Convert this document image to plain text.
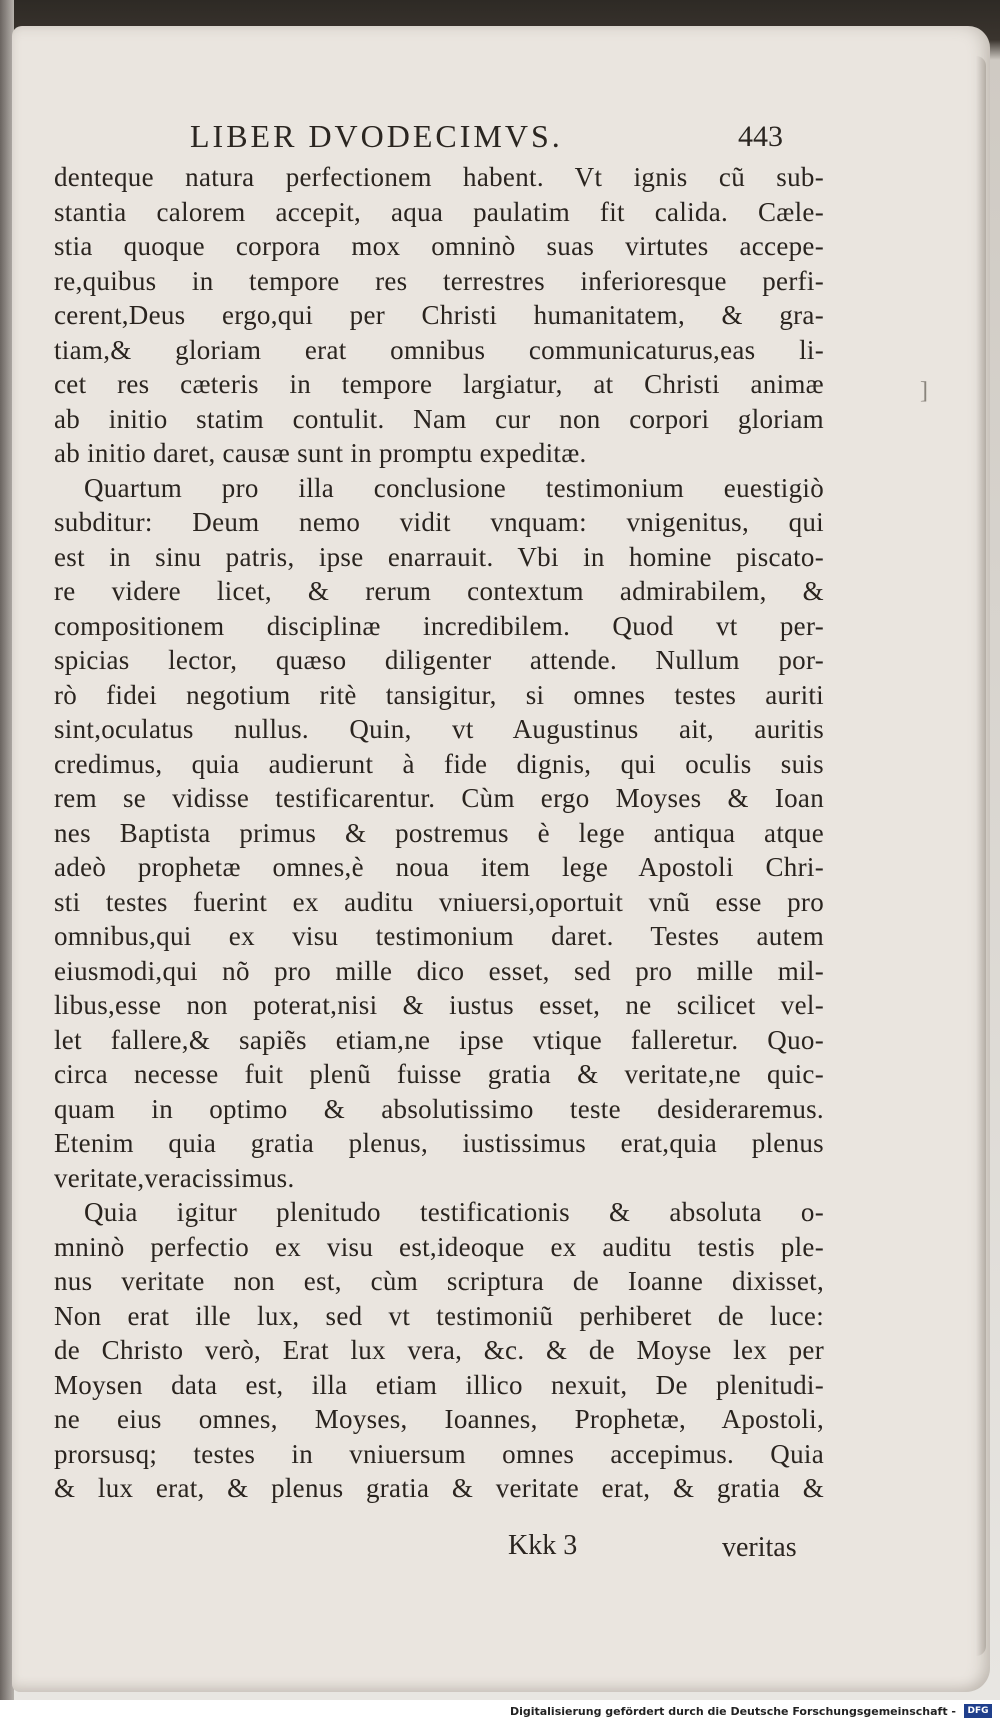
LIBER DVODECIMVS.	443
denteque natura perfectionem habent. Vt ignis cũ sub-
stantia calorem accepit, aqua paulatim fit calida. Cæle-
stia quoque corpora mox omninò suas virtutes accepe-
re,quibus in tempore res terrestres inferioresque perfi-
cerent,Deus ergo,qui per Christi humanitatem, & gra-
tiam,& gloriam erat omnibus communicaturus,eas li-
cet res cæteris in tempore largiatur, at Christi animæ
ab initio statim contulit. Nam cur non corpori gloriam
ab initio daret, causæ sunt in promptu expeditæ.
Quartum pro illa conclusione testimonium euestigiò
subditur: Deum nemo vidit vnquam: vnigenitus, qui
est in sinu patris, ipse enarrauit. Vbi in homine piscato-
re videre licet, & rerum contextum admirabilem, &
compositionem disciplinæ incredibilem. Quod vt per-
spicias lector, quæso diligenter attende. Nullum por-
rò fidei negotium ritè tansigitur, si omnes testes auriti
sint,oculatus nullus. Quin, vt Augustinus ait, auritis
credimus, quia audierunt à fide dignis, qui oculis suis
rem se vidisse testificarentur. Cùm ergo Moyses & Ioan
nes Baptista primus & postremus è lege antiqua atque
adeò prophetæ omnes,è noua item lege Apostoli Chri-
sti testes fuerint ex auditu vniuersi,oportuit vnũ esse pro
omnibus,qui ex visu testimonium daret. Testes autem
eiusmodi,qui nõ pro mille dico esset, sed pro mille mil-
libus,esse non poterat,nisi & iustus esset, ne scilicet vel-
let fallere,& sapiẽs etiam,ne ipse vtique falleretur. Quo-
circa necesse fuit plenũ fuisse gratia & veritate,ne quic-
quam in optimo & absolutissimo teste desideraremus.
Etenim quia gratia plenus, iustissimus erat,quia plenus
veritate,veracissimus.
Quia igitur plenitudo testificationis & absoluta o-
mninò perfectio ex visu est,ideoque ex auditu testis ple-
nus veritate non est, cùm scriptura de Ioanne dixisset,
Non erat ille lux, sed vt testimoniũ perhiberet de luce:
de Christo verò, Erat lux vera, &c. & de Moyse lex per
Moysen data est, illa etiam illico nexuit, De plenitudi-
ne eius omnes, Moyses, Ioannes, Prophetæ, Apostoli,
prorsusq; testes in vniuersum omnes accepimus. Quia
& lux erat, & plenus gratia & veritate erat, & gratia &
]
Kkk 3	veritas
Digitalisierung gefördert durch die Deutsche Forschungsgemeinschaft -	DFG
